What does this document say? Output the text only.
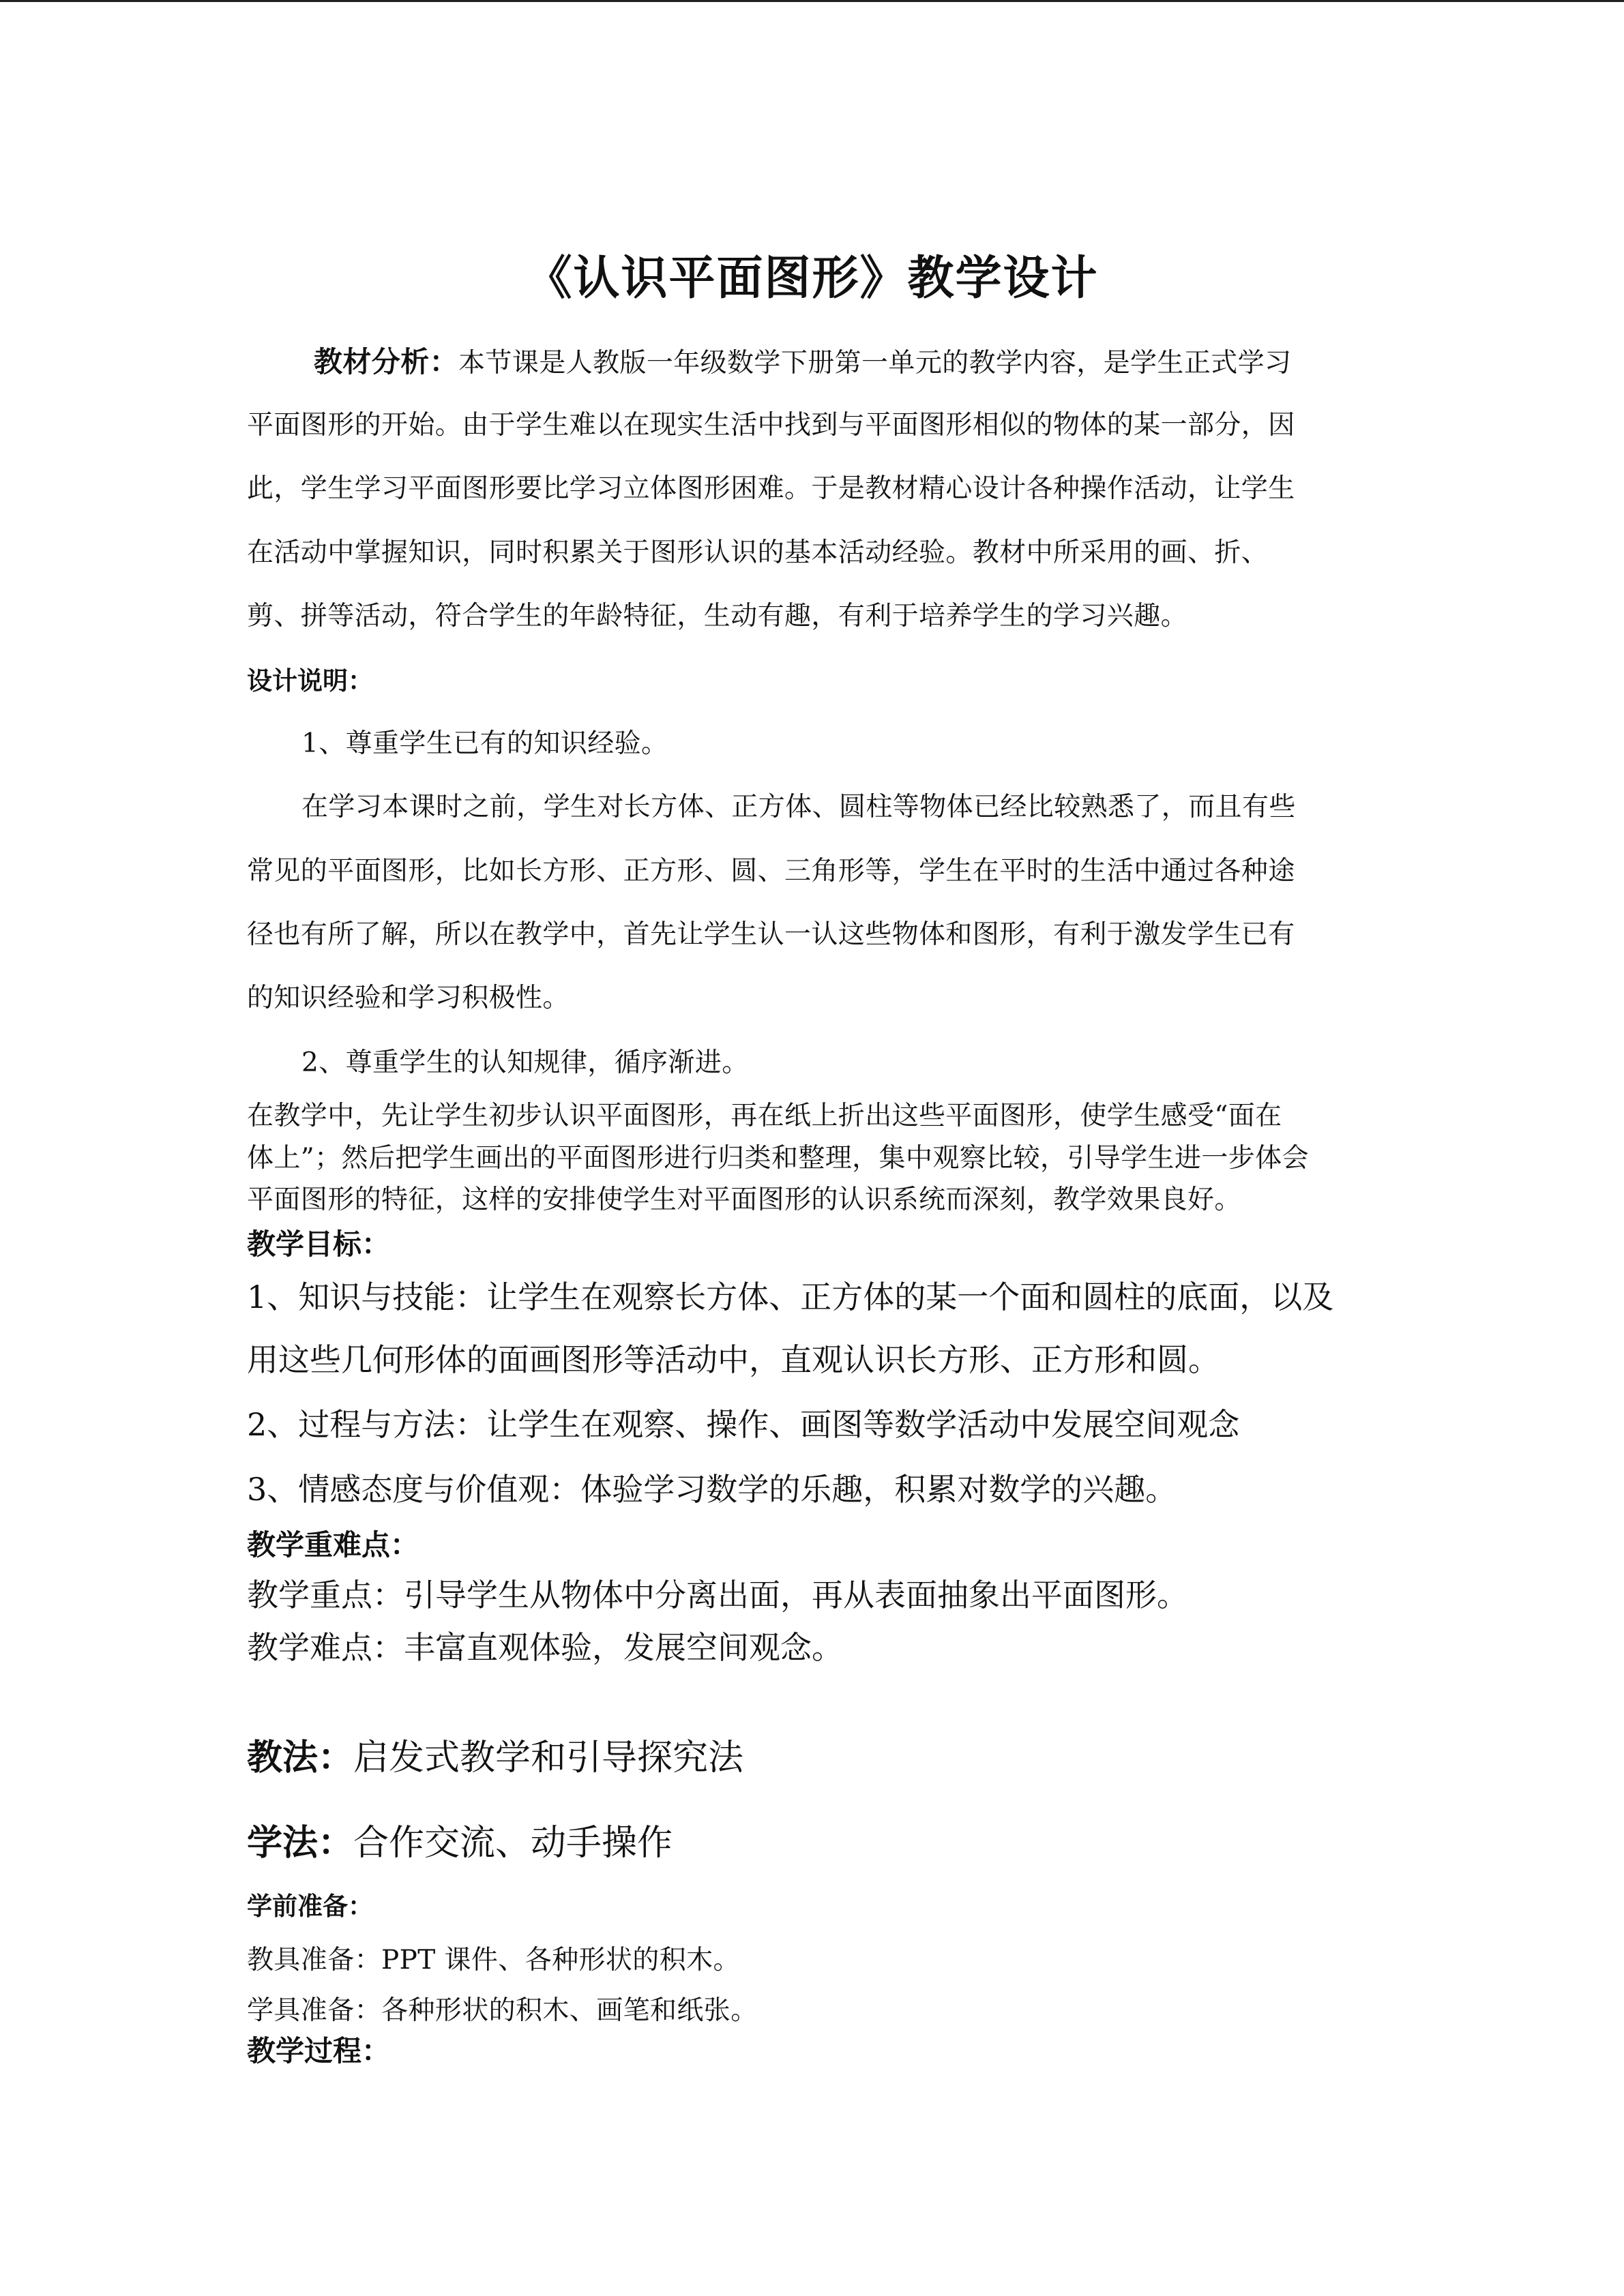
《认识平面图形》教学设计
教材分析：本节课是人教版一年级数学下册第一单元的教学内容，是学生正式学习
平面图形的开始。由于学生难以在现实生活中找到与平面图形相似的物体的某一部分，因
此，学生学习平面图形要比学习立体图形困难。于是教材精心设计各种操作活动，让学生
在活动中掌握知识，同时积累关于图形认识的基本活动经验。教材中所采用的画、折、
剪、拼等活动，符合学生的年龄特征，生动有趣，有利于培养学生的学习兴趣。
设计说明：
1、尊重学生已有的知识经验。
在学习本课时之前，学生对长方体、正方体、圆柱等物体已经比较熟悉了，而且有些
常见的平面图形，比如长方形、正方形、圆、三角形等，学生在平时的生活中通过各种途
径也有所了解，所以在教学中，首先让学生认一认这些物体和图形，有利于激发学生已有
的知识经验和学习积极性。
2、尊重学生的认知规律，循序渐进。
在教学中，先让学生初步认识平面图形，再在纸上折出这些平面图形，使学生感受“面在
体上”；然后把学生画出的平面图形进行归类和整理，集中观察比较，引导学生进一步体会
平面图形的特征，这样的安排使学生对平面图形的认识系统而深刻，教学效果良好。
教学目标：
1、知识与技能：让学生在观察长方体、正方体的某一个面和圆柱的底面，以及
用这些几何形体的面画图形等活动中，直观认识长方形、正方形和圆。
2、过程与方法：让学生在观察、操作、画图等数学活动中发展空间观念
3、情感态度与价值观：体验学习数学的乐趣，积累对数学的兴趣。
教学重难点：
教学重点：引导学生从物体中分离出面，再从表面抽象出平面图形。
教学难点：丰富直观体验，发展空间观念。
教法：启发式教学和引导探究法
学法：合作交流、动手操作
学前准备：
教具准备：PPT 课件、各种形状的积木。
学具准备：各种形状的积木、画笔和纸张。
教学过程：
